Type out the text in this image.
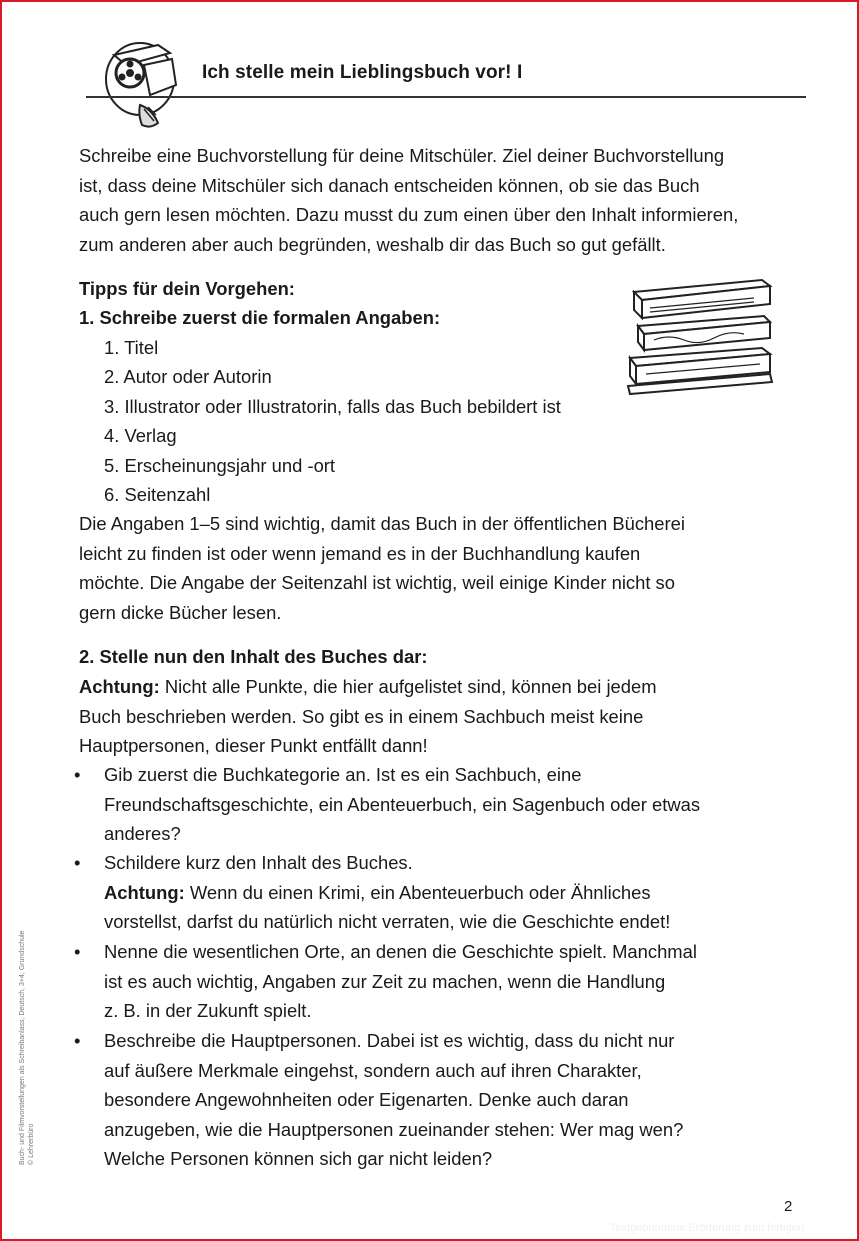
Ich stelle mein Lieblingsbuch vor! I
Schreibe eine Buchvorstellung für deine Mitschüler. Ziel deiner Buchvorstellung
ist, dass deine Mitschüler sich danach entscheiden können, ob sie das Buch
auch gern lesen möchten. Dazu musst du zum einen über den Inhalt informieren,
zum anderen aber auch begründen, weshalb dir das Buch so gut gefällt.
Tipps für dein Vorgehen:
1. Schreibe zuerst die formalen Angaben:
1. Titel
2. Autor oder Autorin
3. Illustrator oder Illustratorin, falls das Buch bebildert ist
4. Verlag
5. Erscheinungsjahr und -ort
6. Seitenzahl
Die Angaben 1–5 sind wichtig, damit das Buch in der öffentlichen Bücherei
leicht zu finden ist oder wenn jemand es in der Buchhandlung kaufen
möchte. Die Angabe der Seitenzahl ist wichtig, weil einige Kinder nicht so
gern dicke Bücher lesen.
2. Stelle nun den Inhalt des Buches dar:
Achtung: Nicht alle Punkte, die hier aufgelistet sind, können bei jedem
Buch beschrieben werden. So gibt es in einem Sachbuch meist keine
Hauptpersonen, dieser Punkt entfällt dann!
• Gib zuerst die Buchkategorie an. Ist es ein Sachbuch, eine
Freundschaftsgeschichte, ein Abenteuerbuch, ein Sagenbuch oder etwas
anderes?
• Schildere kurz den Inhalt des Buches.
Achtung: Wenn du einen Krimi, ein Abenteuerbuch oder Ähnliches
vorstellst, darfst du natürlich nicht verraten, wie die Geschichte endet!
• Nenne die wesentlichen Orte, an denen die Geschichte spielt. Manchmal
ist es auch wichtig, Angaben zur Zeit zu machen, wenn die Handlung
z. B. in der Zukunft spielt.
• Beschreibe die Hauptpersonen. Dabei ist es wichtig, dass du nicht nur
auf äußere Merkmale eingehst, sondern auch auf ihren Charakter,
besondere Angewohnheiten oder Eigenarten. Denke auch daran
anzugeben, wie die Hauptpersonen zueinander stehen: Wer mag wen?
Welche Personen können sich gar nicht leiden?
Buch- und Filmvorstellungen als Schreibanlass, Deutsch, 3+4, Grundschule © Lehrerbüro
2
Textgebundene Erörterung zum fertigen
